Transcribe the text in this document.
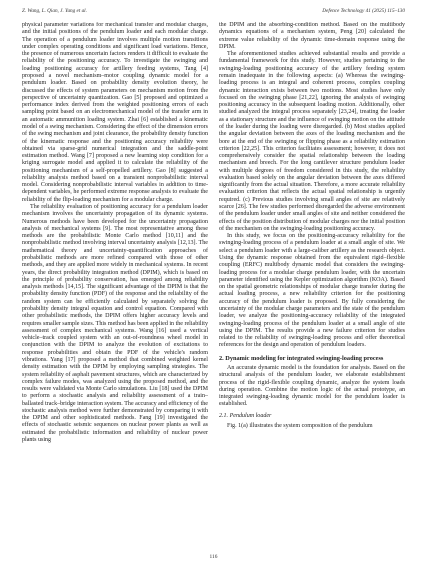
Z. Wang, L. Qian, J. Yang et al.	Defence Technology 41 (2025) 115–130

physical parameter variations for mechanical transfer and modular charges, and the initial positions of the pendulum loader and each modular charge. The operation of a pendulum loader involves multiple motion transitions under complex operating conditions and significant load variations. Hence, the presence of numerous uncertain factors renders it difficult to evaluate the reliability of the positioning accuracy. To investigate the swinging and loading positioning accuracy for artillery feeding systems, Tang [4] proposed a novel mechanism–motor coupling dynamic model for a pendulum loader. Based on probability density evolution theory, he discussed the effects of system parameters on mechanism motion from the perspective of uncertainty quantization. Gao [5] proposed and optimized a performance index derived from the weighted positioning errors of each sampling point based on an electromechanical model of the transfer arm in an automatic ammunition loading system. Zhai [6] established a kinematic model of a swing mechanism. Considering the effect of the dimension errors of the swing mechanism and joint clearance, the probability density function of the kinematic response and the positioning accuracy reliability were obtained via sparse-grid numerical integration and the saddle-point estimation method. Wang [7] proposed a new learning stop condition for a kriging surrogate model and applied it to calculate the reliability of the positioning mechanism of a self-propelled artillery. Gao [8] suggested a reliability analysis method based on a transient nonprobabilistic interval model. Considering nonprobabilistic interval variables in addition to time-dependent variables, he performed extreme response analysis to evaluate the reliability of the flip-loading mechanism for a modular charge.

The reliability evaluation of positioning accuracy for a pendulum loader mechanism involves the uncertainty propagation of its dynamic systems. Numerous methods have been developed for the uncertainty propagation analysis of mechanical systems [9]. The most representative among these methods are the probabilistic Monte Carlo method [10,11] and the nonprobabilistic method involving interval uncertainty analysis [12,13]. The mathematical theory and uncertainty-quantification approaches of probabilistic methods are more refined compared with those of other methods, and they are applied more widely in mechanical systems. In recent years, the direct probability integration method (DPIM), which is based on the principle of probability conservation, has emerged among reliability analysis methods [14,15]. The significant advantage of the DPIM is that the probability density function (PDF) of the response and the reliability of the random system can be efficiently calculated by separately solving the probability density integral equation and control equation. Compared with other probabilistic methods, the DPIM offers higher accuracy levels and requires smaller sample sizes. This method has been applied in the reliability assessment of complex mechanical systems. Wang [16] used a vertical vehicle–track coupled system with an out-of-roundness wheel model in conjunction with the DPIM to analyze the evolution of excitations to response probabilities and obtain the PDF of the vehicle's random vibrations. Yang [17] proposed a method that combined weighted kernel density estimation with the DPIM by employing sampling strategies. The system reliability of asphalt pavement structures, which are characterized by complex failure modes, was analyzed using the proposed method, and the results were validated via Monte Carlo simulations. Liu [18] used the DPIM to perform a stochastic analysis and reliability assessment of a train–ballasted track–bridge interaction system. The accuracy and efficiency of the stochastic analysis method were further demonstrated by comparing it with the DPIM and other sophisticated methods. Fang [19] investigated the effects of stochastic seismic sequences on nuclear power plants as well as estimated the probabilistic information and reliability of nuclear power plants using

the DPIM and the absorbing-condition method. Based on the multibody dynamics equations of a mechanism system, Peng [20] calculated the extreme value reliability of the dynamic time-domain response using the DPIM.

The aforementioned studies achieved substantial results and provide a fundamental framework for this study. However, studies pertaining to the swinging-loading positioning accuracy of the artillery feeding system remain inadequate in the following aspects: (a) Whereas the swinging-loading process is an integral and coherent process, complex coupling dynamic interaction exists between two motions. Most studies have only focused on the swinging phase [21,22], ignoring the analysis of swinging positioning accuracy in the subsequent loading motion. Additionally, other studied analyzed the integral process separately [23,24], treating the loader as a stationary structure and the influence of swinging motion on the attitude of the loader during the loading were disregarded. (b) Most studies applied the angular deviation between the axes of the loading mechanism and the bore at the end of the swinging or flipping phase as a reliability estimation criterion [22,25]. This criterion facilitates assessment; however, it does not comprehensively consider the spatial relationship between the loading mechanism and breech. For the long cantilever structure pendulum loader with multiple degrees of freedom considered in this study, the reliability evaluation based solely on the angular deviation between the axes differed significantly from the actual situation. Therefore, a more accurate reliability evaluation criterion that reflects the actual spatial relationship is urgently required. (c) Previous studies involving small angles of site are relatively scarce [26]. The few studies performed disregarded the adverse environment of the pendulum loader under small angles of site and neither considered the effects of the position distribution of modular charges nor the initial position of the mechanism on the swinging-loading positioning accuracy.

In this study, we focus on the positioning-accuracy reliability for the swinging-loading process of a pendulum loader at a small angle of site. We select a pendulum loader with a large-caliber artillery as the research object. Using the dynamic response obtained from the equivalent rigid–flexible coupling (ERFC) multibody dynamic model that considers the swinging-loading process for a modular charge pendulum loader, with the uncertain parameter identified using the Kepler optimization algorithm (KOA). Based on the spatial geometric relationships of modular charge transfer during the actual loading process, a new reliability criterion for the positioning accuracy of the pendulum loader is proposed. By fully considering the uncertainty of the modular charge parameters and the state of the pendulum loader, we analyze the positioning-accuracy reliability of the integrated swinging-loading process of the pendulum loader at a small angle of site using the DPIM. The results provide a new failure criterion for studies related to the reliability of swinging-loading process and offer theoretical references for the design and operation of pendulum loaders.

2. Dynamic modeling for integrated swinging-loading process

An accurate dynamic model is the foundation for analysis. Based on the structural analysis of the pendulum loader, we elaborate establishment process of the rigid-flexible coupling dynamic, analyze the system loads during operation. Combine the motion logic of the actual prototype, an integrated swinging-loading dynamic model for the pendulum loader is established.

2.1. Pendulum loader

Fig. 1(a) illustrates the system composition of the pendulum

116
